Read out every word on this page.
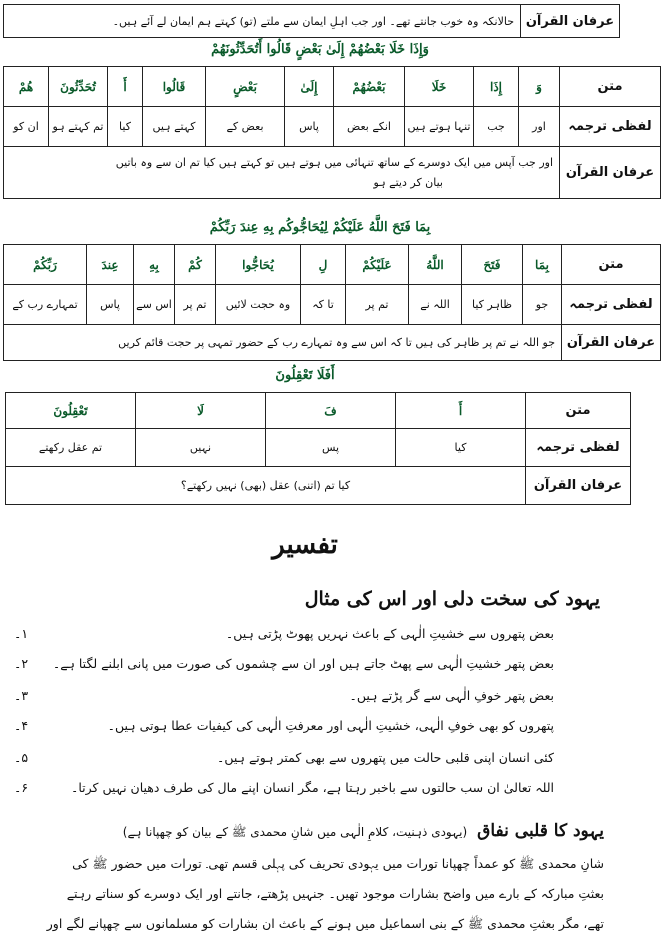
حالانکہ وہ خوب جانتے تھے۔ اور جب اہلِ ایمان سے ملتے (تو) کہتے ہم ایمان لے آئے ہیں۔	عرفان القرآن
وَإِذَا خَلَا بَعْضُهُمْ إِلَىٰ بَعْضٍ قَالُوا أَتُحَدِّثُونَهُمْ
هُمْ	تُحَدِّثُونَ	أَ	قَالُوا	بَعْضٍ	إِلَىٰ	بَعْضُهُمْ	خَلَا	إِذَا	وَ	متن
ان کو	تم کہتے ہو	کیا	کہتے ہیں	بعض کے	پاس	انکے بعض	تنہا ہوتے ہیں	جب	اور	لفظی ترجمہ

اور جب آپس میں ایک دوسرے کے ساتھ تنہائی میں ہوتے ہیں تو کہتے ہیں کیا تم ان سے وہ باتیں
بیان کر دیتے ہو										عرفان القرآن
بِمَا فَتَحَ اللَّهُ عَلَيْكُمْ لِيُحَاجُّوكُم بِهِ عِندَ رَبِّكُمْ
رَبِّكُمْ	عِندَ	بِهِ	كُمْ	يُحَاجُّوا	لِ	عَلَيْكُمْ	اللَّهُ	فَتَحَ	بِمَا	متن
تمہارے رب کے	پاس	اس سے	تم پر	وہ حجت لائیں	تا کہ	تم پر	اللہ نے	ظاہر کیا	جو	لفظی ترجمہ
جو اللہ نے تم پر ظاہر کی ہیں تا کہ اس سے وہ تمہارے رب کے حضور تمہی پر حجت قائم کریں										عرفان القرآن
أَفَلَا تَعْقِلُونَ
تَعْقِلُونَ	لَا	فَ	أَ	متن
تم عقل رکھتے	نہیں	پس	کیا	لفظی ترجمہ
کیا تم (اتنی) عقل (بھی) نہیں رکھتے؟				عرفان القرآن
تفسیر
یہود کی سخت دلی اور اس کی مثال
بعض پتھروں سے خشیتِ الٰہی کے باعث نہریں پھوٹ پڑتی ہیں۔
۱۔
بعض پتھر خشیتِ الٰہی سے پھٹ جاتے ہیں اور ان سے چشموں کی صورت میں پانی ابلنے لگتا ہے۔
۲۔
بعض پتھر خوفِ الٰہی سے گر پڑتے ہیں۔
۳۔
پتھروں کو بھی خوفِ الٰہی، خشیتِ الٰہی اور معرفتِ الٰہی کی کیفیات عطا ہوتی ہیں۔
۴۔
کئی انسان اپنی قلبی حالت میں پتھروں سے بھی کمتر ہوتے ہیں۔
۵۔
اللہ تعالیٰ ان سب حالتوں سے باخبر رہتا ہے، مگر انسان اپنے مال کی طرف دھیان نہیں کرتا۔
۶۔
یہود کا قلبی نفاق (یہودی ذہنیت، کلامِ الٰہی میں شانِ محمدی ﷺ کے بیان کو چھپانا ہے)
شانِ محمدی ﷺ کو عمداً چھپانا تورات میں یہودی تحریف کی پہلی قسم تھی۔ تورات میں حضور ﷺ کی
بعثتِ مبارکہ کے بارے میں واضح بشارات موجود تھیں۔ جنہیں پڑھتے، جانتے اور ایک دوسرے کو سناتے رہتے
تھے، مگر بعثتِ محمدی ﷺ کے بنی اسماعیل میں ہونے کے باعث ان بشارات کو مسلمانوں سے چھپانے لگے اور
